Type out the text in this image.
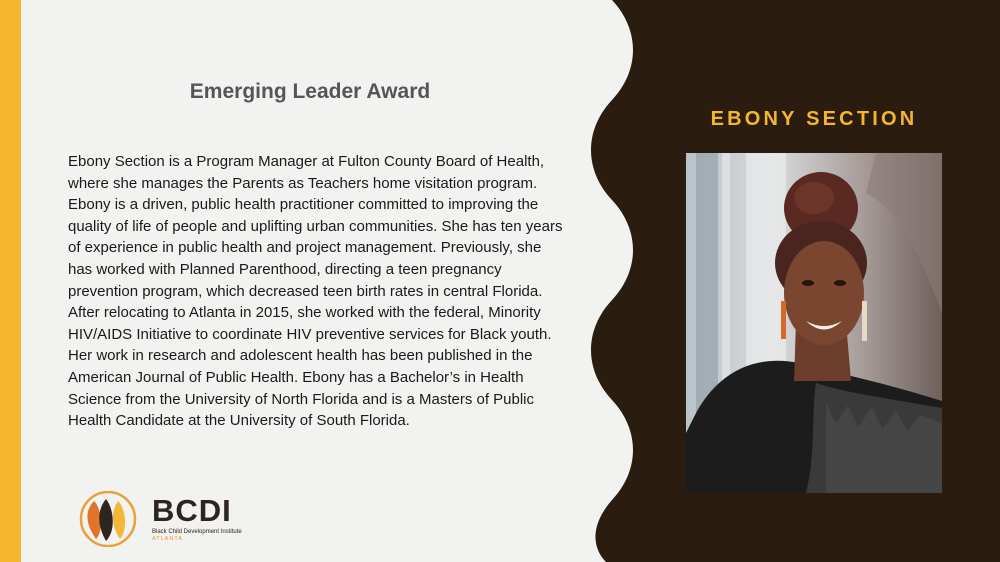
Emerging Leader Award

Ebony Section is a Program Manager at Fulton County Board of Health, where she manages the Parents as Teachers home visitation program. Ebony is a driven, public health practitioner committed to improving the quality of life of people and uplifting urban communities. She has ten years of experience in public health and project management. Previously, she has worked with Planned Parenthood, directing a teen pregnancy prevention program, which decreased teen birth rates in central Florida. After relocating to Atlanta in 2015, she worked with the federal, Minority HIV/AIDS Initiative to coordinate HIV preventive services for Black youth. Her work in research and adolescent health has been published in the American Journal of Public Health. Ebony has a Bachelor’s in Health Science from the University of North Florida and is a Masters of Public Health Candidate at the University of South Florida.

EBONY SECTION

BCDI

Black Child Development Institute

ATLANTA
